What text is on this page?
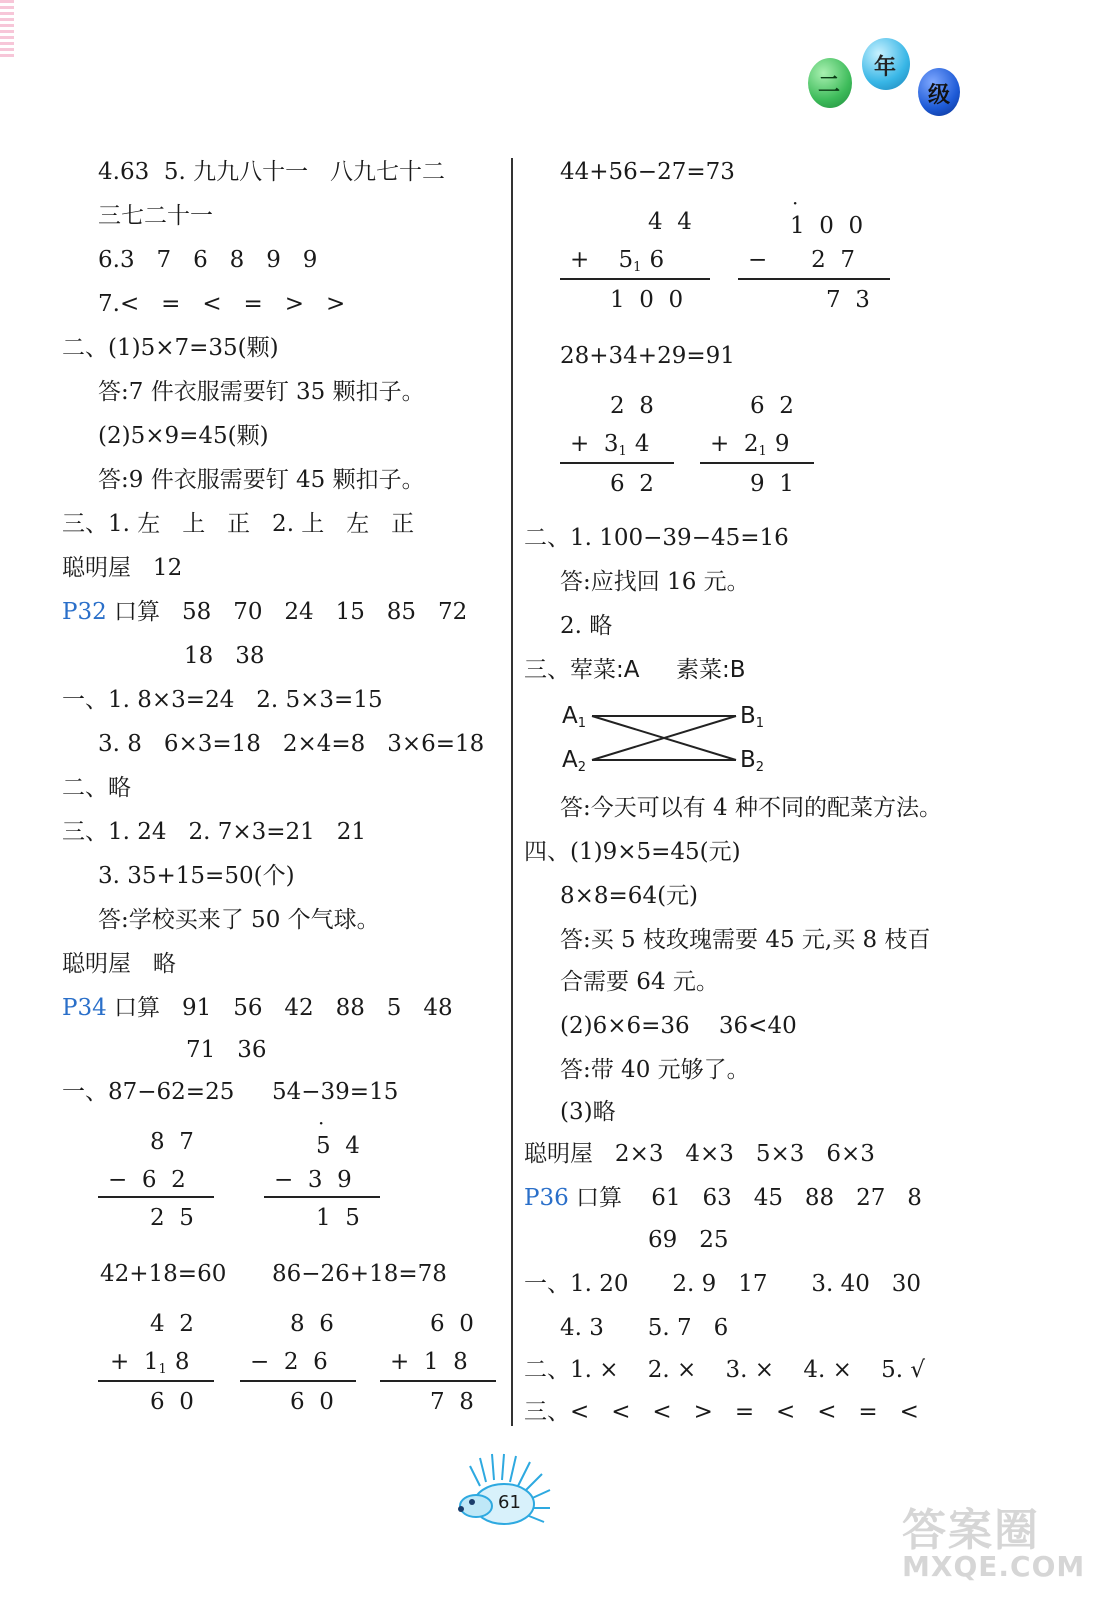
二
年
级
4.63  5. 九九八十一   八九七十二
三七二十一
6.3   7   6   8   9   9
7.<   =   <   =   >   >
二、(1)5×7=35(颗)
答:7 件衣服需要钉 35 颗扣子。
(2)5×9=45(颗)
答:9 件衣服需要钉 45 颗扣子。
三、1. 左   上   正   2. 上   左   正
聪明屋   12
P32 口算   58   70   24   15   85   72
18   38
一、1. 8×3=24   2. 5×3=15
3. 8   6×3=18   2×4=8   3×6=18
二、略
三、1. 24   2. 7×3=21   21
3. 35+15=50(个)
答:学校买来了 50 个气球。
聪明屋   略
P34 口算   91   56   42   88   5   48
71   36
一、87−62=25 54−39=15
8  7
−  6  2
2  5
·
5  4
−  3  9
1  5
42+18=60 86−26+18=78
4  2
+  $1_1$ 8
6  0
8  6
−  2  6
6  0
6  0
+  1  8
7  8
44+56−27=73
4  4
+    $5_1$ 6
1  0  0
·
1  0  0
−      2  7
7  3
28+34+29=91
2  8
+  $3_1$ 4
6  2
6  2
+  $2_1$ 9
9  1
二、1. 100−39−45=16
答:应找回 16 元。
2. 略
三、荤菜:A     素菜:B
$A_1$
$A_2$
$B_1$
$B_2$
答:今天可以有 4 种不同的配菜方法。
四、(1)9×5=45(元)
8×8=64(元)
答:买 5 枝玫瑰需要 45 元,买 8 枝百
合需要 64 元。
(2)6×6=36    36<40
答:带 40 元够了。
(3)略
聪明屋   2×3   4×3   5×3   6×3
P36 口算    61   63   45   88   27   8
69   25
一、1. 20      2. 9   17      3. 40   30
4. 3      5. 7   6
二、1. ×    2. ×    3. ×    4. ×    5. √
三、<   <   <   >   =   <   <   =   <
61
答案圈
MXQE.COM
